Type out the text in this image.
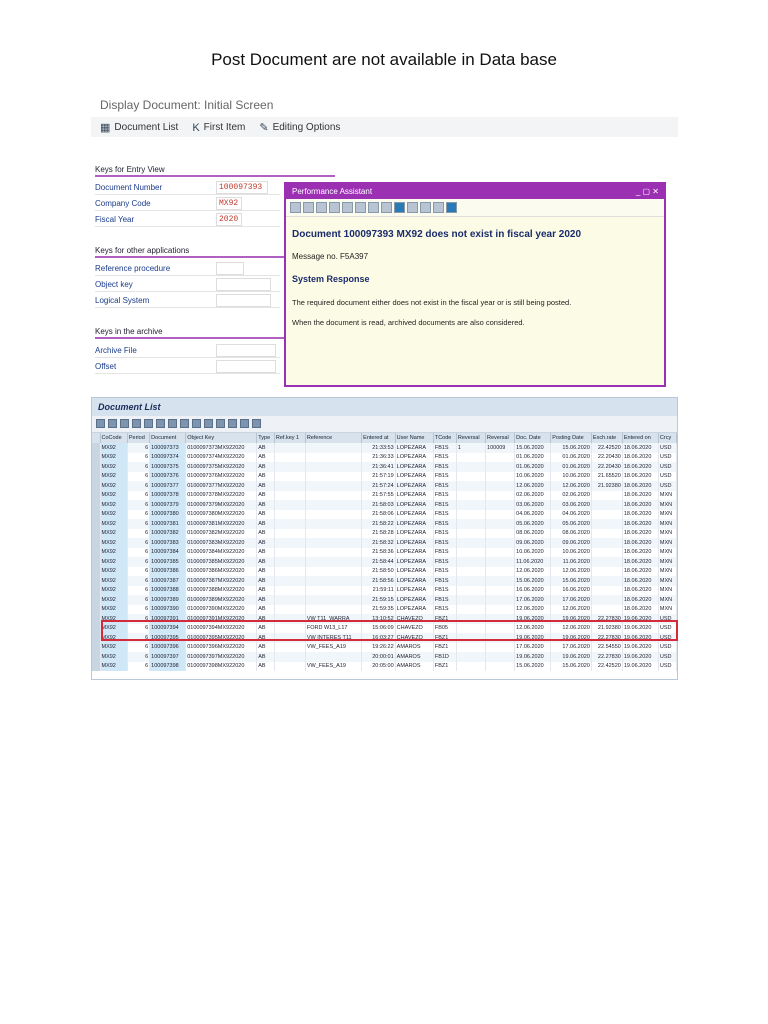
Post Document are not available in Data base
Display Document: Initial Screen
▦ Document List K First Item ✎ Editing Options
Keys for Entry View
Document Number	100097393
Company Code	MX92
Fiscal Year	2020
Keys for other applications
Reference procedure
Object key
Logical System
Keys in the archive
Archive File
Offset
Performance Assistant	_ ▢ ✕
Document 100097393 MX92 does not exist in fiscal year 2020
Message no. F5A397
System Response
The required document either does not exist in the fiscal year or is still being posted.
When the document is read, archived documents are also considered.
Document List
	CoCode	Period	Document	Object Key	Type	Ref.key 1	Reference	Entered at	User Name	TCode	Reversal	Reversal	Doc. Date	Posting Date	Exch.rate	Entered on	Crcy
	MX92	6	100097373	0100097373MX922020	AB			21:33:53	LOPEZARA	FB1S	1	100009	15.06.2020	15.06.2020	22.42520	18.06.2020	USD
	MX92	6	100097374	0100097374MX922020	AB			21:36:33	LOPEZARA	FB1S			01.06.2020	01.06.2020	22.20430	18.06.2020	USD
	MX92	6	100097375	0100097375MX922020	AB			21:36:41	LOPEZARA	FB1S			01.06.2020	01.06.2020	22.20430	18.06.2020	USD
	MX92	6	100097376	0100097376MX922020	AB			21:57:19	LOPEZARA	FB1S			10.06.2020	10.06.2020	21.65520	18.06.2020	USD
	MX92	6	100097377	0100097377MX922020	AB			21:57:24	LOPEZARA	FB1S			12.06.2020	12.06.2020	21.92380	18.06.2020	USD
	MX92	6	100097378	0100097378MX922020	AB			21:57:55	LOPEZARA	FB1S			02.06.2020	02.06.2020		18.06.2020	MXN
	MX92	6	100097379	0100097379MX922020	AB			21:58:03	LOPEZARA	FB1S			03.06.2020	03.06.2020		18.06.2020	MXN
	MX92	6	100097380	0100097380MX922020	AB			21:58:06	LOPEZARA	FB1S			04.06.2020	04.06.2020		18.06.2020	MXN
	MX92	6	100097381	0100097381MX922020	AB			21:58:22	LOPEZARA	FB1S			05.06.2020	05.06.2020		18.06.2020	MXN
	MX92	6	100097382	0100097382MX922020	AB			21:58:28	LOPEZARA	FB1S			08.06.2020	08.06.2020		18.06.2020	MXN
	MX92	6	100097383	0100097383MX922020	AB			21:58:32	LOPEZARA	FB1S			09.06.2020	09.06.2020		18.06.2020	MXN
	MX92	6	100097384	0100097384MX922020	AB			21:58:36	LOPEZARA	FB1S			10.06.2020	10.06.2020		18.06.2020	MXN
	MX92	6	100097385	0100097385MX922020	AB			21:58:44	LOPEZARA	FB1S			11.06.2020	11.06.2020		18.06.2020	MXN
	MX92	6	100097386	0100097386MX922020	AB			21:58:50	LOPEZARA	FB1S			12.06.2020	12.06.2020		18.06.2020	MXN
	MX92	6	100097387	0100097387MX922020	AB			21:58:56	LOPEZARA	FB1S			15.06.2020	15.06.2020		18.06.2020	MXN
	MX92	6	100097388	0100097388MX922020	AB			21:59:11	LOPEZARA	FB1S			16.06.2020	16.06.2020		18.06.2020	MXN
	MX92	6	100097389	0100097389MX922020	AB			21:59:15	LOPEZARA	FB1S			17.06.2020	17.06.2020		18.06.2020	MXN
	MX92	6	100097390	0100097390MX922020	AB			21:59:35	LOPEZARA	FB1S			12.06.2020	12.06.2020		18.06.2020	MXN
	MX92	6	100097391	0100097391MX922020	AB		VW T11_WARRA	13:10:52	CHAVEZO	FBZ1			19.06.2020	19.06.2020	22.27830	19.06.2020	USD
	MX92	6	100097394	0100097394MX922020	AB		FORD W13_L17	15:06:09	CHAVEZO	FB05			12.06.2020	12.06.2020	21.92380	19.06.2020	USD
	MX92	6	100097395	0100097395MX922020	AB		VW INTERES T11	16:03:27	CHAVEZO	FBZ1			19.06.2020	19.06.2020	22.27830	19.06.2020	USD
	MX92	6	100097396	0100097396MX922020	AB		VW_FEES_A19	19:26:22	AMAROS	FBZ1			17.06.2020	17.06.2020	22.54550	19.06.2020	USD
	MX92	6	100097397	0100097397MX922020	AB			20:00:01	AMAROS	FB1D			19.06.2020	19.06.2020	22.27830	19.06.2020	USD
	MX92	6	100097398	0100097398MX922020	AB		VW_FEES_A19	20:05:00	AMAROS	FBZ1			15.06.2020	15.06.2020	22.42520	19.06.2020	USD
